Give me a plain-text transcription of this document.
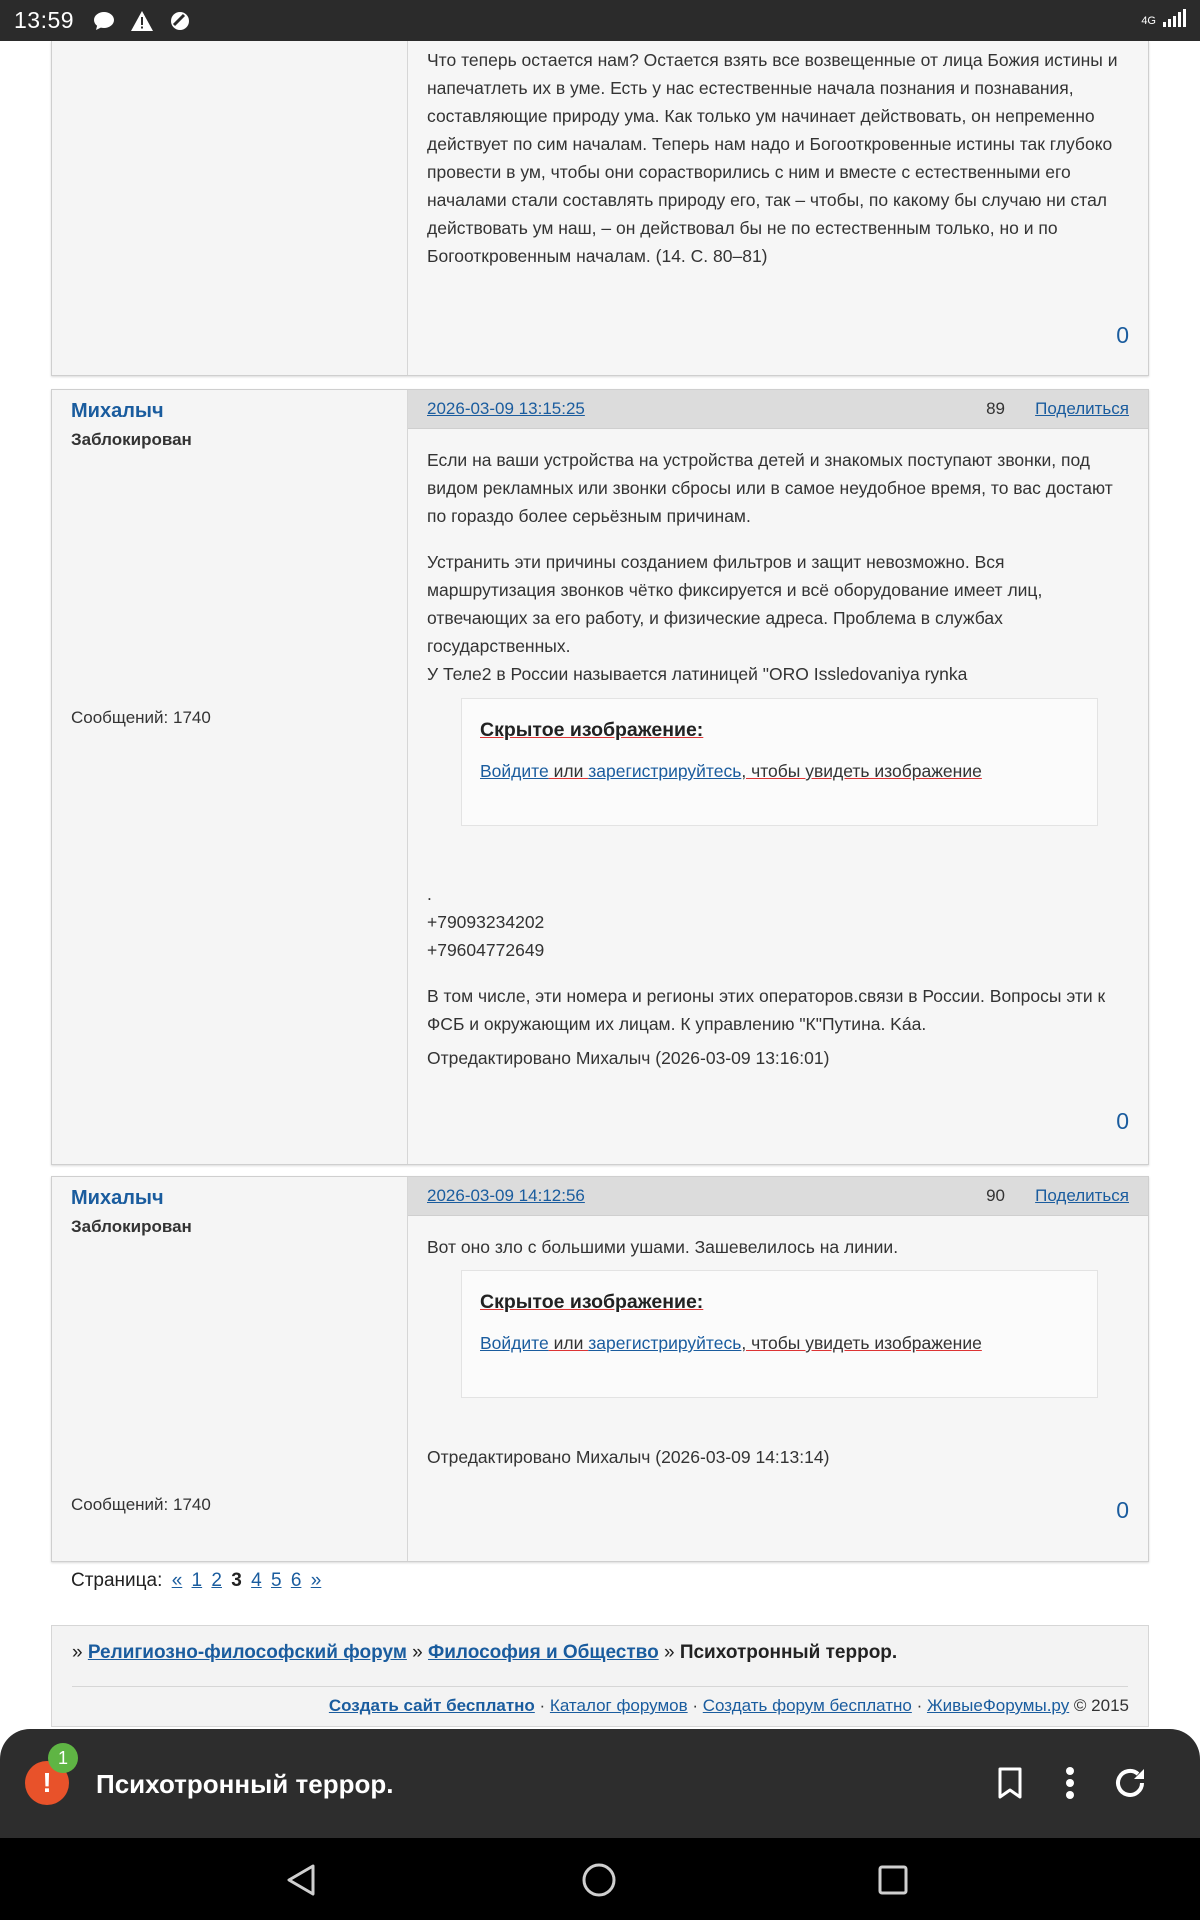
13:59	4G
Что теперь остается нам? Остается взять все возвещенные от лица Божия истины и напечатлеть их в уме. Есть у нас естественные начала познания и познавания, составляющие природу ума. Как только ум начинает действовать, он непременно действует по сим началам. Теперь нам надо и Богооткровенные истины так глубоко провести в ум, чтобы они сорастворились с ним и вместе с естественными его началами стали составлять природу его, так – чтобы, по какому бы случаю ни стал действовать ум наш, – он действовал бы не по естественным только, но и по Богооткровенным началам. (14. С. 80–81)
0
Михалыч
Заблокирован
Сообщений: 1740
2026-03-09 13:15:25	89 Поделиться

Если на ваши устройства на устройства детей и знакомых поступают звонки, под видом рекламных или звонки сбросы или в самое неудобное время, то вас достают по гораздо более серьёзным причинам.

Устранить эти причины созданием фильтров и защит невозможно. Вся маршрутизация звонков чётко фиксируется и всё оборудование имеет лиц, отвечающих за его работу, и физические адреса. Проблема в службах государственных.

У Теле2 в России называется латиницей "ORO Issledovaniya rynka

Скрытое изображение:
Войдите или зарегистрируйтесь, чтобы увидеть изображение
.
+79093234202
+79604772649

В том числе, эти номера и регионы этих операторов.связи в России. Вопросы эти к ФСБ и окружающим их лицам. К управлению "К"Путина. Káa.

Отредактировано Михалыч (2026-03-09 13:16:01)
0
Михалыч
Заблокирован
Сообщений: 1740
2026-03-09 14:12:56	90 Поделиться

Вот оно зло с большими ушами. Зашевелилось на линии.

Скрытое изображение:
Войдите или зарегистрируйтесь, чтобы увидеть изображение
Отредактировано Михалыч (2026-03-09 14:13:14)
0
Страница: « 1 2 3 4 5 6 »
» Религиозно-философский форум » Философия и Общество » Психотронный террор.
Создать сайт бесплатно · Каталог форумов · Создать форум бесплатно · ЖивыеФорумы.ру © 2015
!
1
Психотронный террор.
